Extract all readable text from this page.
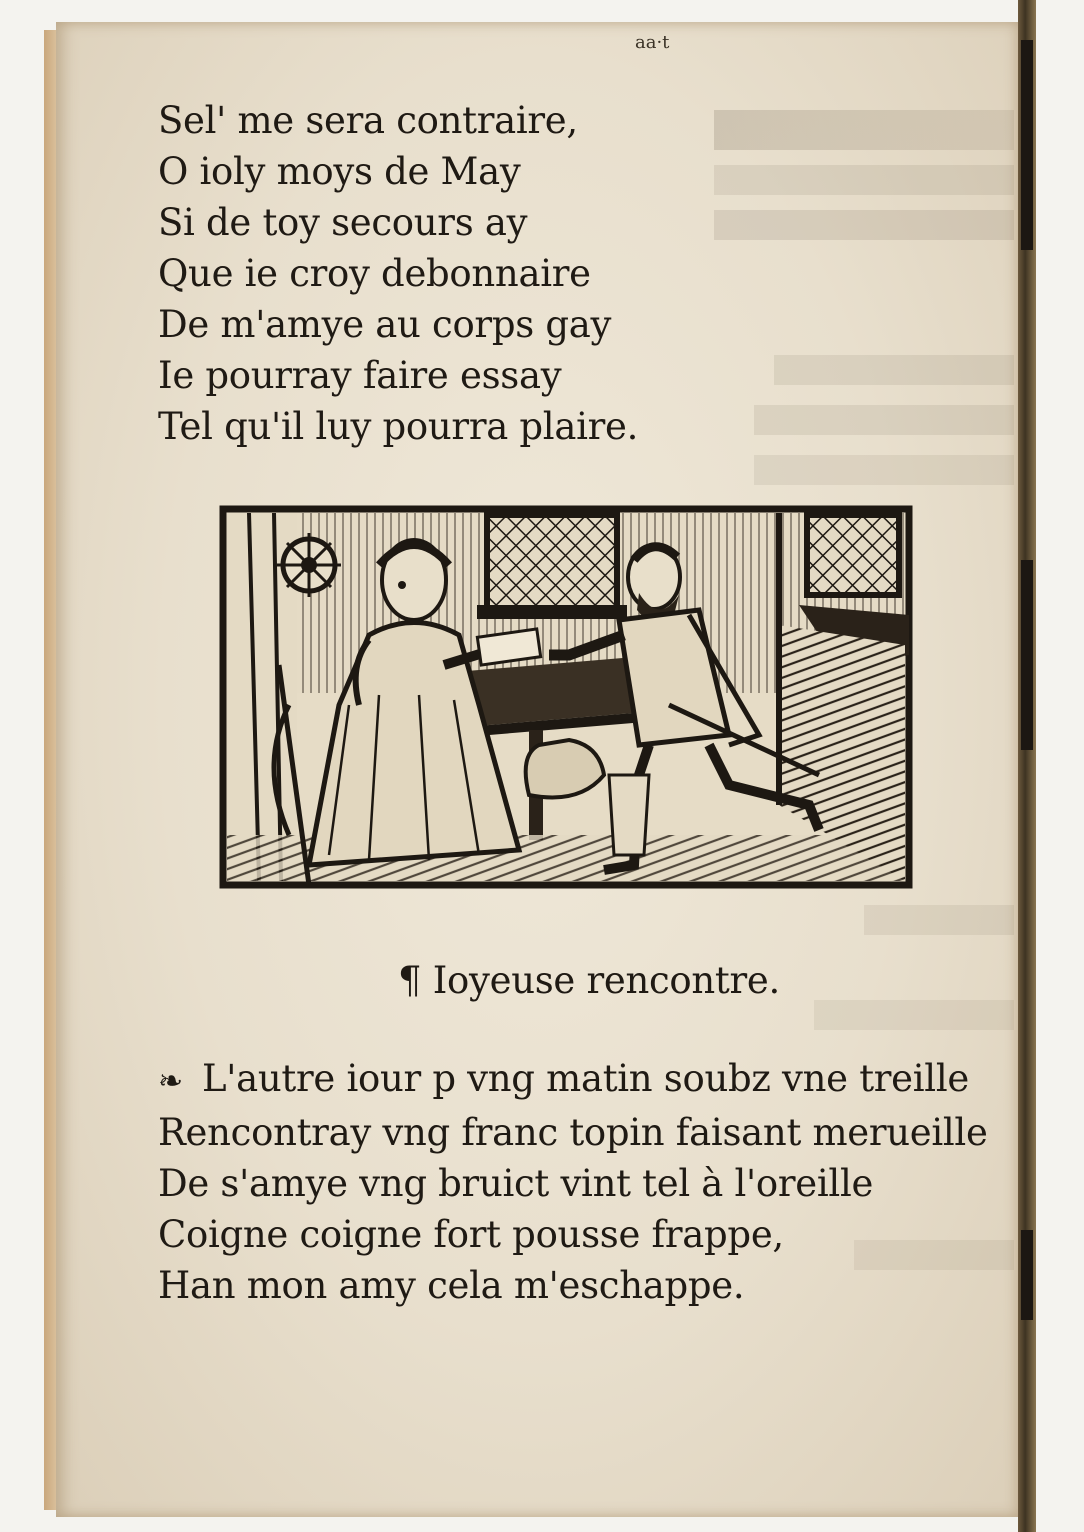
aa·t
Sel' me sera contraire,
O ioly moys de May
Si de toy secours ay
Que ie croy debonnaire
De m'amye au corps gay
Ie pourray faire essay
Tel qu'il luy pourra plaire.
¶ Ioyeuse rencontre.
❧ L'autre iour p vng matin soubz vne treille
Rencontray vng franc topin faisant merueille
De s'amye vng bruict vint tel à l'oreille
Coigne coigne fort pousse frappe,
Han mon amy cela m'eschappe.
